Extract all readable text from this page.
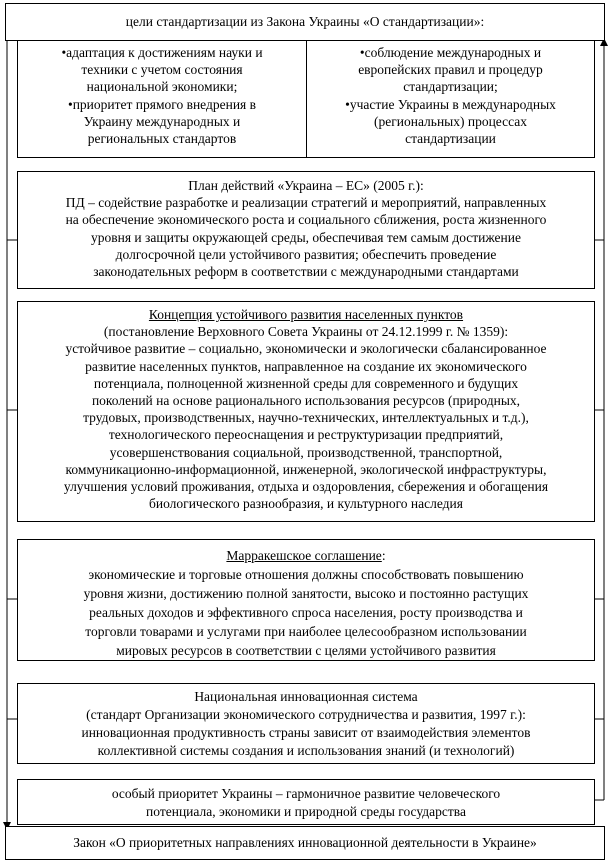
цели стандартизации из Закона Украины «О стандартизации»:

•адаптация к достижениям науки и

техники с учетом состояния

национальной экономики;

•приоритет прямого внедрения в

Украину международных и

региональных стандартов

•соблюдение международных и

европейских правил и процедур

стандартизации;

•участие Украины в международных

(региональных) процессах

стандартизации

План действий «Украина – ЕС» (2005 г.):

ПД – содействие разработке и реализации стратегий и мероприятий, направленных

на обеспечение экономического роста и социального сближения, роста жизненного

уровня и защиты окружающей среды, обеспечивая тем самым достижение

долгосрочной цели устойчивого развития; обеспечить проведение

законодательных реформ в соответствии с международными стандартами

Концепция устойчивого развития населенных пунктов

(постановление Верховного Совета Украины от 24.12.1999 г. № 1359):

устойчивое развитие – социально, экономически и экологически сбалансированное

развитие населенных пунктов, направленное на создание их экономического

потенциала, полноценной жизненной среды для современного и будущих

поколений на основе рационального использования ресурсов (природных,

трудовых, производственных, научно-технических, интеллектуальных и т.д.),

технологического переоснащения и реструктуризации предприятий,

усовершенствования социальной, производственной, транспортной,

коммуникационно-информационной, инженерной, экологической инфраструктуры,

улучшения условий проживания, отдыха и оздоровления, сбережения и обогащения

биологического разнообразия, и культурного наследия

Марракешское соглашение:

экономические и торговые отношения должны способствовать повышению

уровня жизни, достижению полной занятости, высоко и постоянно растущих

реальных доходов и эффективного спроса населения, росту производства и

торговли товарами и услугами при наиболее целесообразном использовании

мировых ресурсов в соответствии с целями устойчивого развития

Национальная инновационная система

(стандарт Организации экономического сотрудничества и развития, 1997 г.):

инновационная продуктивность страны зависит от взаимодействия элементов

коллективной системы создания и использования знаний (и технологий)

особый приоритет Украины – гармоничное развитие человеческого

потенциала, экономики и природной среды государства

Закон «О приоритетных направлениях инновационной деятельности в Украине»
